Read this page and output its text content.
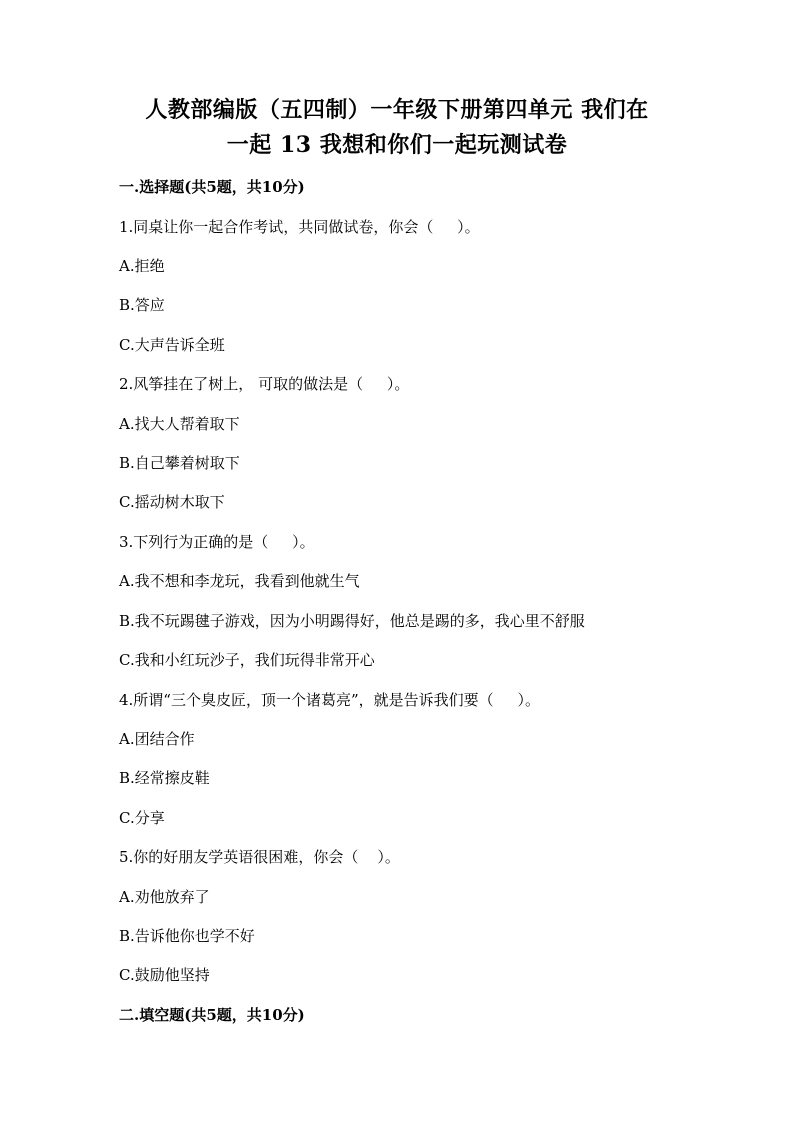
人教部编版（五四制）一年级下册第四单元 我们在
一起 13 我想和你们一起玩测试卷
一.选择题(共5题，共10分)
1.同桌让你一起合作考试，共同做试卷，你会（     ）。
A.拒绝
B.答应
C.大声告诉全班
2.风筝挂在了树上， 可取的做法是（     ）。
A.找大人帮着取下
B.自己攀着树取下
C.摇动树木取下
3.下列行为正确的是（     ）。
A.我不想和李龙玩，我看到他就生气
B.我不玩踢毽子游戏，因为小明踢得好，他总是踢的多，我心里不舒服
C.我和小红玩沙子，我们玩得非常开心
4.所谓“三个臭皮匠，顶一个诸葛亮”，就是告诉我们要（     ）。
A.团结合作
B.经常擦皮鞋
C.分享
5.你的好朋友学英语很困难，你会（    ）。
A.劝他放弃了
B.告诉他你也学不好
C.鼓励他坚持
二.填空题(共5题，共10分)
